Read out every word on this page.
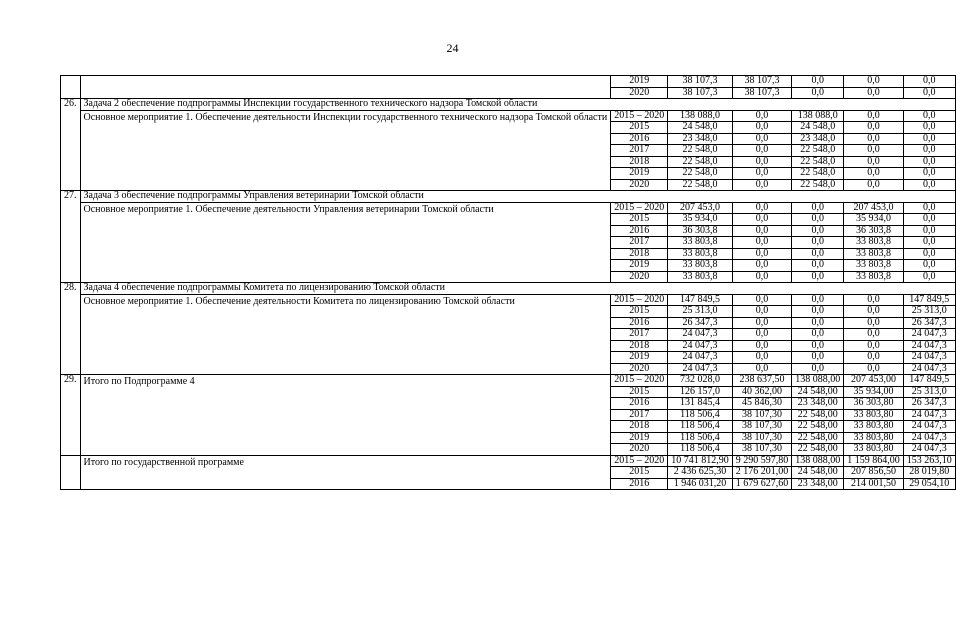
24
		2019	38 107,3	38 107,3	0,0	0,0	0,0
		2020	38 107,3	38 107,3	0,0	0,0	0,0
26.	Задача 2 обеспечение подпрограммы Инспекции государственного технического надзора Томской области						
	Основное мероприятие 1. Обеспечение деятельности Инспекции государственного технического надзора Томской области	2015 – 2020	138 088,0	0,0	138 088,0	0,0	0,0
		2015	24 548,0	0,0	24 548,0	0,0	0,0
		2016	23 348,0	0,0	23 348,0	0,0	0,0
		2017	22 548,0	0,0	22 548,0	0,0	0,0
		2018	22 548,0	0,0	22 548,0	0,0	0,0
		2019	22 548,0	0,0	22 548,0	0,0	0,0
		2020	22 548,0	0,0	22 548,0	0,0	0,0
27.	Задача 3 обеспечение подпрограммы Управления ветеринарии Томской области						
	Основное мероприятие 1. Обеспечение деятельности Управления ветеринарии Томской области	2015 – 2020	207 453,0	0,0	0,0	207 453,0	0,0
		2015	35 934,0	0,0	0,0	35 934,0	0,0
		2016	36 303,8	0,0	0,0	36 303,8	0,0
		2017	33 803,8	0,0	0,0	33 803,8	0,0
		2018	33 803,8	0,0	0,0	33 803,8	0,0
		2019	33 803,8	0,0	0,0	33 803,8	0,0
		2020	33 803,8	0,0	0,0	33 803,8	0,0
28.	Задача 4 обеспечение подпрограммы Комитета по лицензированию Томской области						
	Основное мероприятие 1. Обеспечение деятельности Комитета по лицензированию Томской области	2015 – 2020	147 849,5	0,0	0,0	0,0	147 849,5
		2015	25 313,0	0,0	0,0	0,0	25 313,0
		2016	26 347,3	0,0	0,0	0,0	26 347,3
		2017	24 047,3	0,0	0,0	0,0	24 047,3
		2018	24 047,3	0,0	0,0	0,0	24 047,3
		2019	24 047,3	0,0	0,0	0,0	24 047,3
		2020	24 047,3	0,0	0,0	0,0	24 047,3
29.	Итого по Подпрограмме 4	2015 – 2020	732 028,0	238 637,50	138 088,00	207 453,00	147 849,5
		2015	126 157,0	40 362,00	24 548,00	35 934,00	25 313,0
		2016	131 845,4	45 846,30	23 348,00	36 303,80	26 347,3
		2017	118 506,4	38 107,30	22 548,00	33 803,80	24 047,3
		2018	118 506,4	38 107,30	22 548,00	33 803,80	24 047,3
		2019	118 506,4	38 107,30	22 548,00	33 803,80	24 047,3
		2020	118 506,4	38 107,30	22 548,00	33 803,80	24 047,3
	Итого по государственной программе	2015 – 2020	10 741 812,90	9 290 597,80	138 088,00	1 159 864,00	153 263,10
		2015	2 436 625,30	2 176 201,00	24 548,00	207 856,50	28 019,80
		2016	1 946 031,20	1 679 627,60	23 348,00	214 001,50	29 054,10
